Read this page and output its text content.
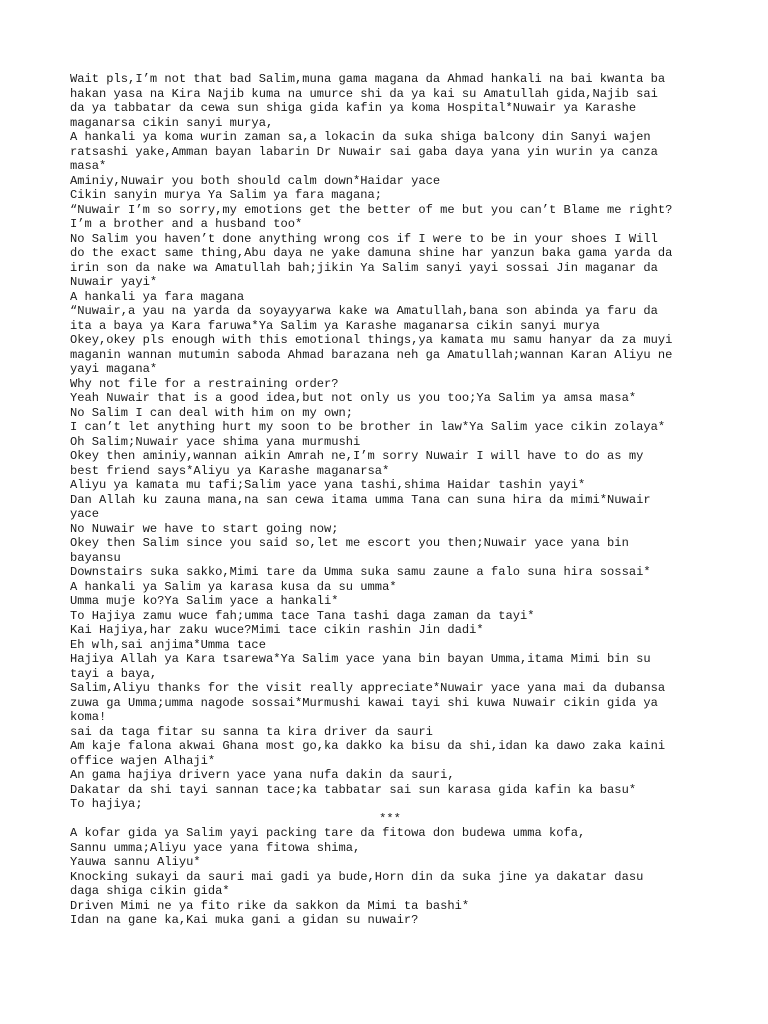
Wait pls,I’m not that bad Salim,muna gama magana da Ahmad hankali na bai kwanta ba
hakan yasa na Kira Najib kuma na umurce shi da ya kai su Amatullah gida,Najib sai
da ya tabbatar da cewa sun shiga gida kafin ya koma Hospital*Nuwair ya Karashe
maganarsa cikin sanyi murya,
A hankali ya koma wurin zaman sa,a lokacin da suka shiga balcony din Sanyi wajen
ratsashi yake,Amman bayan labarin Dr Nuwair sai gaba daya yana yin wurin ya canza
masa*
Aminiy,Nuwair you both should calm down*Haidar yace
Cikin sanyin murya Ya Salim ya fara magana;
“Nuwair I’m so sorry,my emotions get the better of me but you can’t Blame me right?
I’m a brother and a husband too*
No Salim you haven’t done anything wrong cos if I were to be in your shoes I Will
do the exact same thing,Abu daya ne yake damuna shine har yanzun baka gama yarda da
irin son da nake wa Amatullah bah;jikin Ya Salim sanyi yayi sossai Jin maganar da
Nuwair yayi*
A hankali ya fara magana
“Nuwair,a yau na yarda da soyayyarwa kake wa Amatullah,bana son abinda ya faru da
ita a baya ya Kara faruwa*Ya Salim ya Karashe maganarsa cikin sanyi murya
Okey,okey pls enough with this emotional things,ya kamata mu samu hanyar da za muyi
maganin wannan mutumin saboda Ahmad barazana neh ga Amatullah;wannan Karan Aliyu ne
yayi magana*
Why not file for a restraining order?
Yeah Nuwair that is a good idea,but not only us you too;Ya Salim ya amsa masa*
No Salim I can deal with him on my own;
I can’t let anything hurt my soon to be brother in law*Ya Salim yace cikin zolaya*
Oh Salim;Nuwair yace shima yana murmushi
Okey then aminiy,wannan aikin Amrah ne,I’m sorry Nuwair I will have to do as my
best friend says*Aliyu ya Karashe maganarsa*
Aliyu ya kamata mu tafi;Salim yace yana tashi,shima Haidar tashin yayi*
Dan Allah ku zauna mana,na san cewa itama umma Tana can suna hira da mimi*Nuwair
yace
No Nuwair we have to start going now;
Okey then Salim since you said so,let me escort you then;Nuwair yace yana bin
bayansu
Downstairs suka sakko,Mimi tare da Umma suka samu zaune a falo suna hira sossai*
A hankali ya Salim ya karasa kusa da su umma*
Umma muje ko?Ya Salim yace a hankali*
To Hajiya zamu wuce fah;umma tace Tana tashi daga zaman da tayi*
Kai Hajiya,har zaku wuce?Mimi tace cikin rashin Jin dadi*
Eh wlh,sai anjima*Umma tace
Hajiya Allah ya Kara tsarewa*Ya Salim yace yana bin bayan Umma,itama Mimi bin su
tayi a baya,
Salim,Aliyu thanks for the visit really appreciate*Nuwair yace yana mai da dubansa
zuwa ga Umma;umma nagode sossai*Murmushi kawai tayi shi kuwa Nuwair cikin gida ya
koma!
sai da taga fitar su sanna ta kira driver da sauri
Am kaje falona akwai Ghana most go,ka dakko ka bisu da shi,idan ka dawo zaka kaini
office wajen Alhaji*
An gama hajiya drivern yace yana nufa dakin da sauri,
Dakatar da shi tayi sannan tace;ka tabbatar sai sun karasa gida kafin ka basu*
To hajiya;
***
A kofar gida ya Salim yayi packing tare da fitowa don budewa umma kofa,
Sannu umma;Aliyu yace yana fitowa shima,
Yauwa sannu Aliyu*
Knocking sukayi da sauri mai gadi ya bude,Horn din da suka jine ya dakatar dasu
daga shiga cikin gida*
Driven Mimi ne ya fito rike da sakkon da Mimi ta bashi*
Idan na gane ka,Kai muka gani a gidan su nuwair?
